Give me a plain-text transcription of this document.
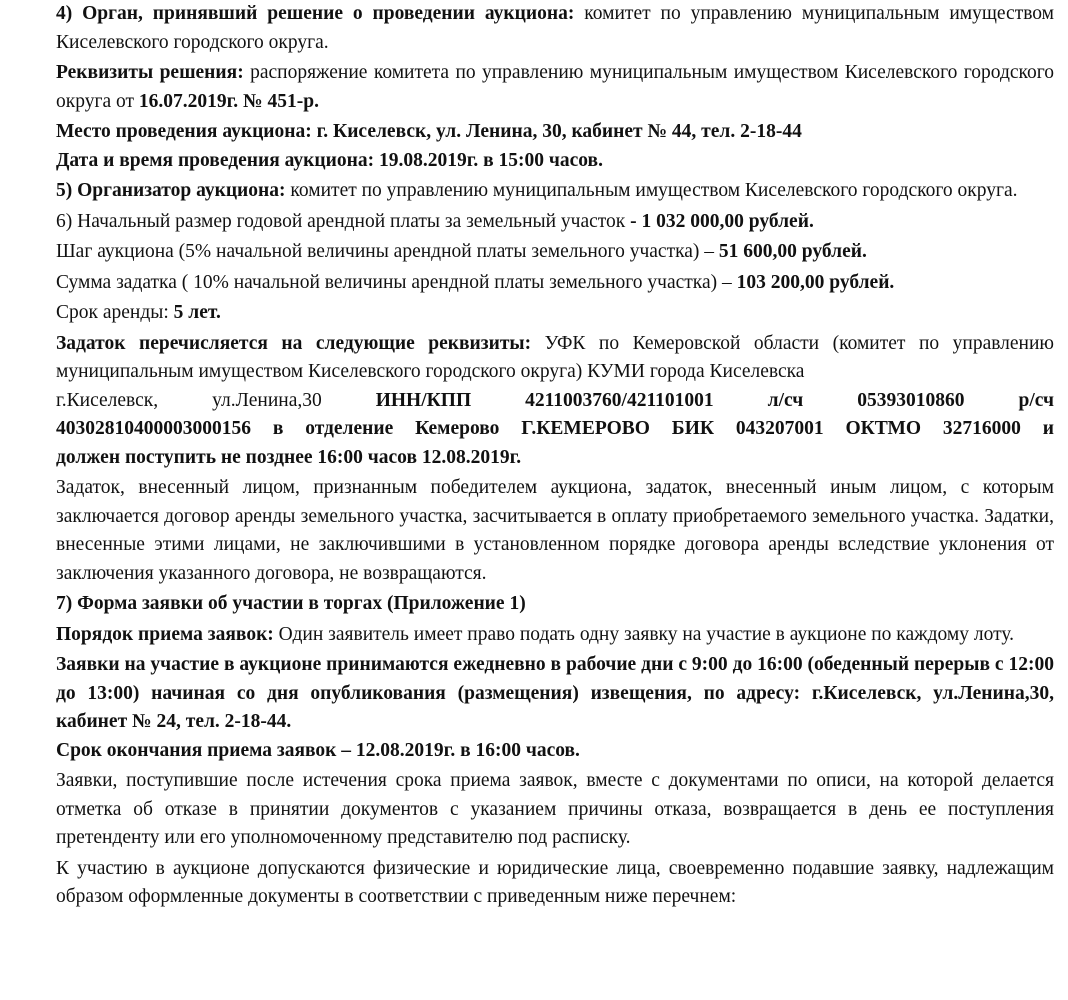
4) Орган, принявший решение о проведении аукциона: комитет по управлению муниципальным имуществом Киселевского городского округа.

Реквизиты решения: распоряжение комитета по управлению муниципальным имуществом Киселевского городского округа от 16.07.2019г. № 451-р.

Место проведения аукциона: г. Киселевск, ул. Ленина, 30, кабинет № 44, тел. 2-18-44

Дата и время проведения аукциона: 19.08.2019г. в 15:00 часов.

5) Организатор аукциона: комитет по управлению муниципальным имуществом Киселевского городского округа.

6) Начальный размер годовой арендной платы за земельный участок - 1 032 000,00 рублей.

Шаг аукциона (5% начальной величины арендной платы земельного участка) – 51 600,00 рублей.

Сумма задатка ( 10% начальной величины арендной платы земельного участка) – 103 200,00 рублей.

Срок аренды: 5 лет.

Задаток перечисляется на следующие реквизиты: УФК по Кемеровской области (комитет по управлению муниципальным имуществом Киселевского городского округа) КУМИ города Киселевска

г.Киселевск,	ул.Ленина,30	ИНН/КПП	4211003760/421101001	л/сч	05393010860	р/сч

40302810400003000156 в отделение Кемерово Г.КЕМЕРОВО БИК 043207001 ОКТМО 32716000 и

должен поступить не позднее 16:00 часов 12.08.2019г.

Задаток, внесенный лицом, признанным победителем аукциона, задаток, внесенный иным лицом, с которым заключается договор аренды земельного участка, засчитывается в оплату приобретаемого земельного участка. Задатки, внесенные этими лицами, не заключившими в установленном порядке договора аренды вследствие уклонения от заключения указанного договора, не возвращаются.

7) Форма заявки об участии в торгах (Приложение 1)

Порядок приема заявок: Один заявитель имеет право подать одну заявку на участие в аукционе по каждому лоту.

Заявки на участие в аукционе принимаются ежедневно в рабочие дни с 9:00 до 16:00 (обеденный перерыв с 12:00 до 13:00) начиная со дня опубликования (размещения) извещения, по адресу: г.Киселевск, ул.Ленина,30, кабинет № 24, тел. 2-18-44.

Срок окончания приема заявок – 12.08.2019г. в 16:00 часов.

Заявки, поступившие после истечения срока приема заявок, вместе с документами по описи, на которой делается отметка об отказе в принятии документов с указанием причины отказа, возвращается в день ее поступления претенденту или его уполномоченному представителю под расписку.

К участию в аукционе допускаются физические и юридические лица, своевременно подавшие заявку, надлежащим образом оформленные документы в соответствии с приведенным ниже перечнем:
